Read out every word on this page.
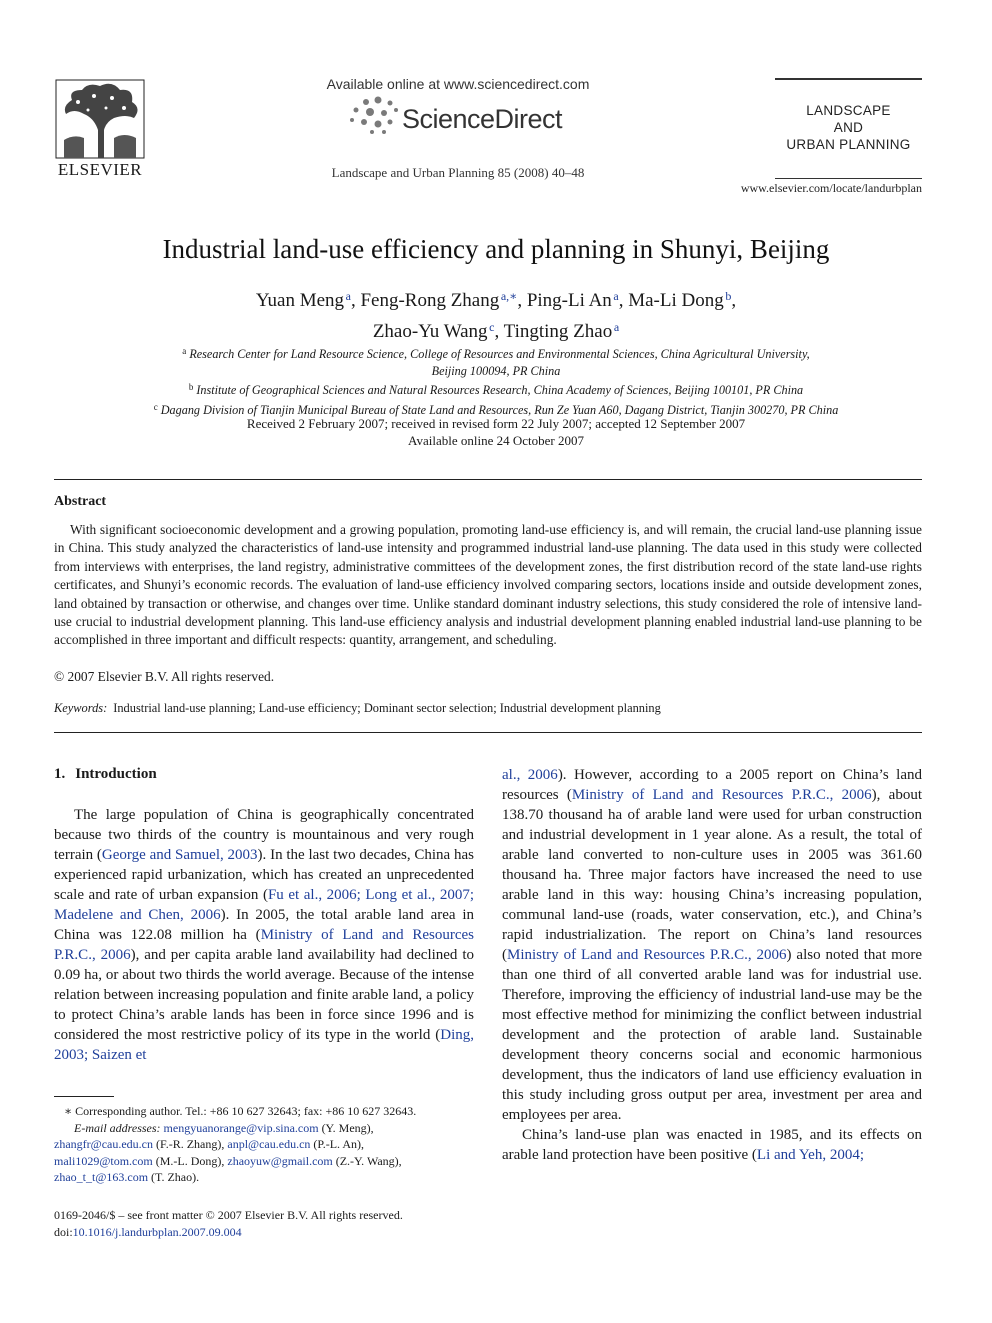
ELSEVIER
Available online at www.sciencedirect.com
ScienceDirect
Landscape and Urban Planning 85 (2008) 40–48
LANDSCAPE
AND
URBAN PLANNING
www.elsevier.com/locate/landurbplan
Industrial land-use efficiency and planning in Shunyi, Beijing
Yuan Meng  $^a$, Feng-Rong Zhang  $^{a,∗}$, Ping-Li An  $^a$, Ma-Li Dong  $^b$,
Zhao-Yu Wang  $^c$, Tingting Zhao  $^a$
$^a$ Research Center for Land Resource Science, College of Resources and Environmental Sciences, China Agricultural University,
Beijing 100094, PR China
$^b$ Institute of Geographical Sciences and Natural Resources Research, China Academy of Sciences, Beijing 100101, PR China
$^c$ Dagang Division of Tianjin Municipal Bureau of State Land and Resources, Run Ze Yuan A60, Dagang District, Tianjin 300270, PR China
Received 2 February 2007; received in revised form 22 July 2007; accepted 12 September 2007
Available online 24 October 2007
Abstract
With significant socioeconomic development and a growing population, promoting land-use efficiency is, and will remain, the crucial land-use planning issue in China. This study analyzed the characteristics of land-use intensity and programmed industrial land-use planning. The data used in this study were collected from interviews with enterprises, the land registry, administrative committees of the development zones, the first distribution record of the state land-use rights certificates, and Shunyi’s economic records. The evaluation of land-use efficiency involved comparing sectors, locations inside and outside development zones, land obtained by transaction or otherwise, and changes over time. Unlike standard dominant industry selections, this study considered the role of intensive land-use crucial to industrial development planning. This land-use efficiency analysis and industrial development planning enabled industrial land-use planning to be accomplished in three important and difficult respects: quantity, arrangement, and scheduling.
© 2007 Elsevier B.V. All rights reserved.
Keywords: Industrial land-use planning; Land-use efficiency; Dominant sector selection; Industrial development planning
1. Introduction

The large population of China is geographically concentrated because two thirds of the country is mountainous and very rough terrain (George and Samuel, 2003). In the last two decades, China has experienced rapid urbanization, which has created an unprecedented scale and rate of urban expansion (Fu et al., 2006; Long et al., 2007; Madelene and Chen, 2006). In 2005, the total arable land area in China was 122.08 million ha (Ministry of Land and Resources P.R.C., 2006), and per capita arable land availability had declined to 0.09 ha, or about two thirds the world average. Because of the intense relation between increasing population and finite arable land, a policy to protect China’s arable lands has been in force since 1996 and is considered the most restrictive policy of its type in the world (Ding, 2003; Saizen et

al., 2006). However, according to a 2005 report on China’s land resources (Ministry of Land and Resources P.R.C., 2006), about 138.70 thousand ha of arable land were used for urban construction and industrial development in 1 year alone. As a result, the total of arable land converted to non-culture uses in 2005 was 361.60 thousand ha. Three major factors have increased the need to use arable land in this way: housing China’s increasing population, communal land-use (roads, water conservation, etc.), and China’s rapid industrialization. The report on China’s land resources (Ministry of Land and Resources P.R.C., 2006) also noted that more than one third of all converted arable land was for industrial use. Therefore, improving the efficiency of industrial land-use may be the most effective method for minimizing the conflict between industrial development and the protection of arable land. Sustainable development theory concerns social and economic harmonious development, thus the indicators of land use efficiency evaluation in this study including gross output per area, investment per area and employees per area.

China’s land-use plan was enacted in 1985, and its effects on arable land protection have been positive (Li and Yeh, 2004;

∗ Corresponding author. Tel.: +86 10 627 32643; fax: +86 10 627 32643.
E-mail addresses: mengyuanorange@vip.sina.com (Y. Meng),
zhangfr@cau.edu.cn (F.-R. Zhang), anpl@cau.edu.cn (P.-L. An),
mali1029@tom.com (M.-L. Dong), zhaoyuw@gmail.com (Z.-Y. Wang),
zhao_t_t@163.com (T. Zhao).
0169-2046/$ – see front matter © 2007 Elsevier B.V. All rights reserved.
doi:10.1016/j.landurbplan.2007.09.004
